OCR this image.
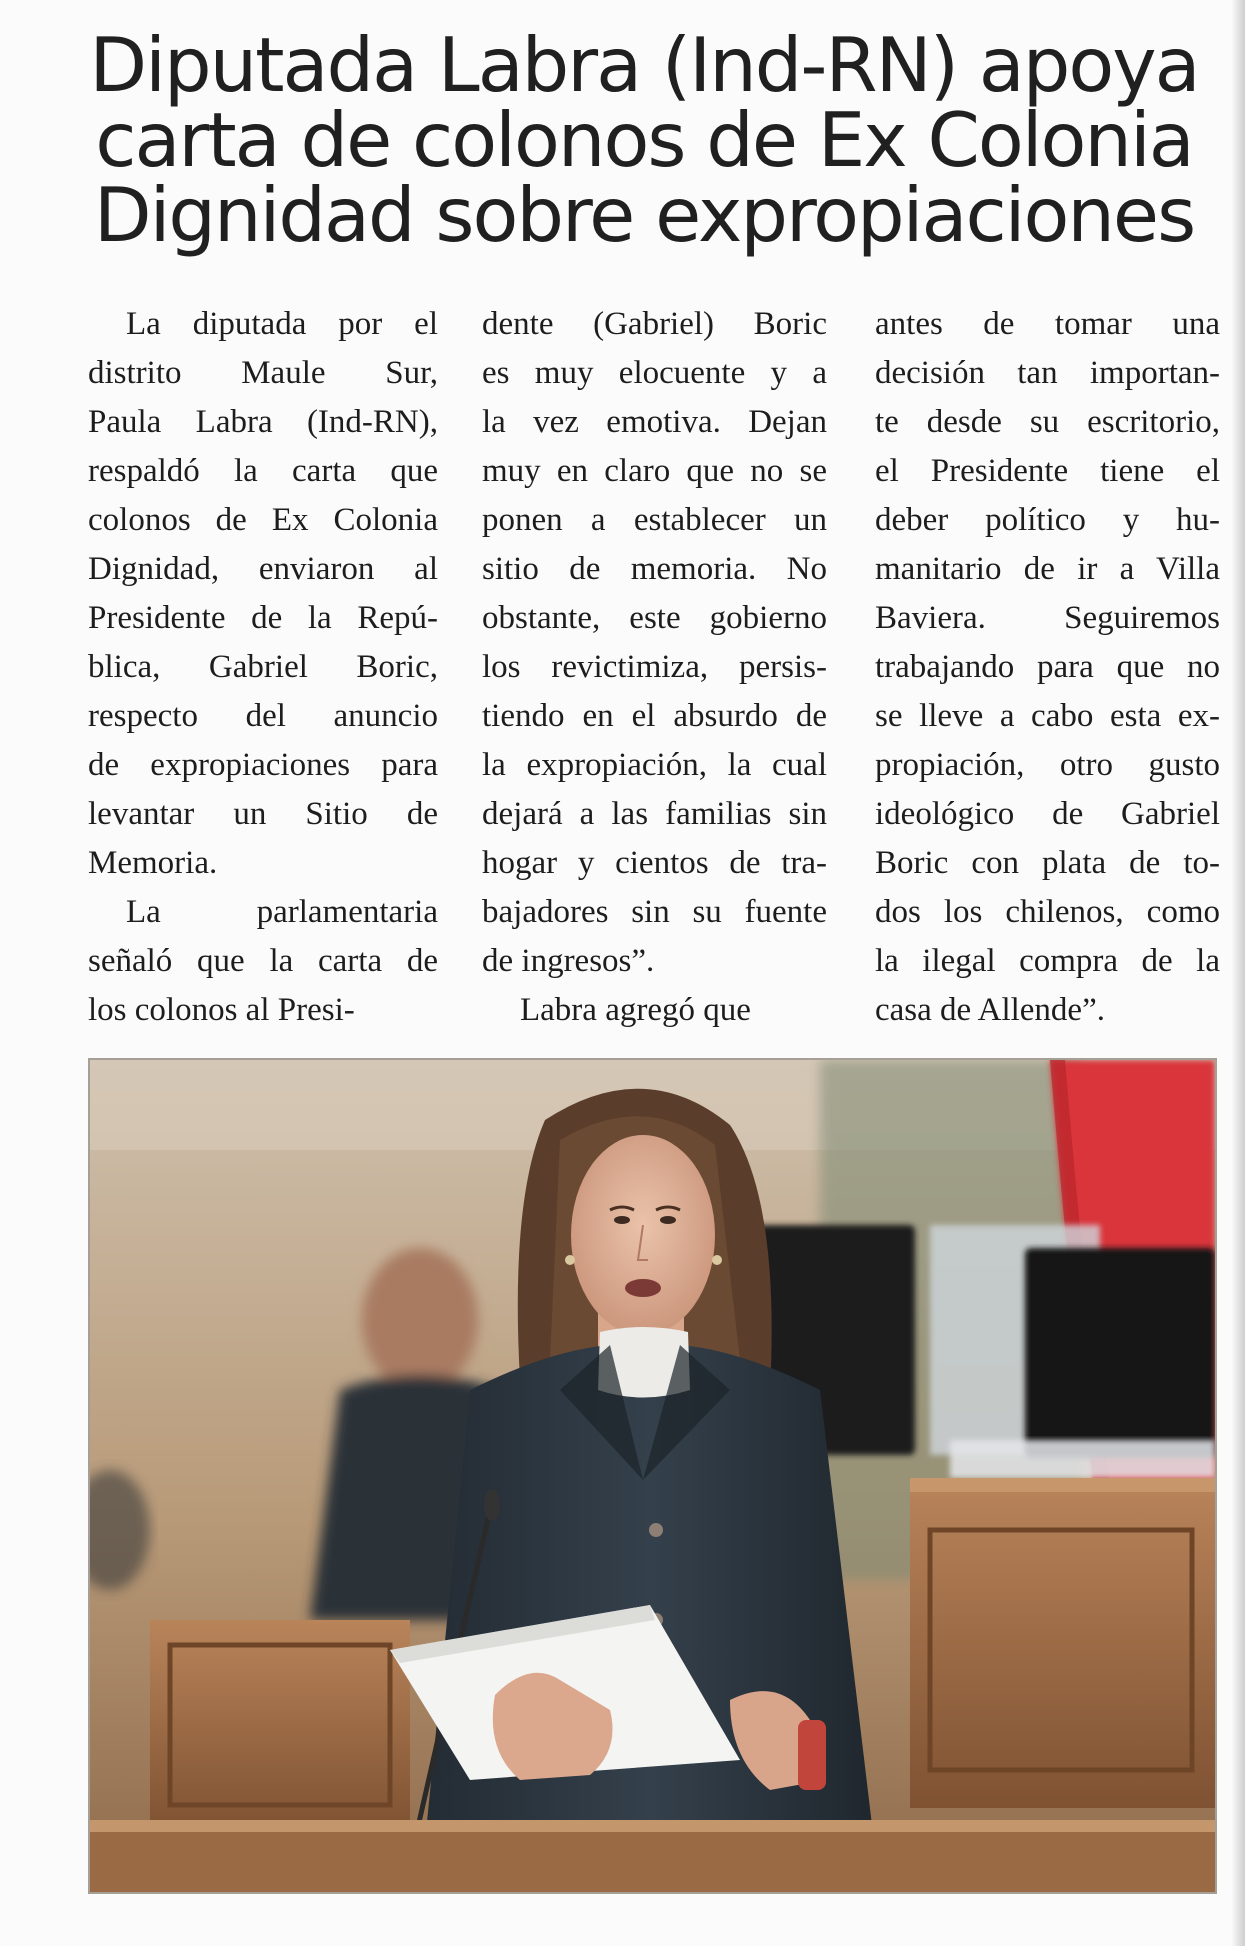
Diputada Labra (Ind-RN) apoya
carta de colonos de Ex Colonia
Dignidad sobre expropiaciones

La diputada por el

distrito Maule Sur,

Paula Labra (Ind-RN),

respaldó la carta que

colonos de Ex Colonia

Dignidad, enviaron al

Presidente de la Repú-

blica, Gabriel Boric,

respecto del anuncio

de expropiaciones para

levantar un Sitio de

Memoria.

La parlamentaria

señaló que la carta de

los colonos al Presi-

dente (Gabriel) Boric

es muy elocuente y a

la vez emotiva. Dejan

muy en claro que no se

ponen a establecer un

sitio de memoria. No

obstante, este gobierno

los revictimiza, persis-

tiendo en el absurdo de

la expropiación, la cual

dejará a las familias sin

hogar y cientos de tra-

bajadores sin su fuente

de ingresos”.

Labra agregó que

antes de tomar una

decisión tan importan-

te desde su escritorio,

el Presidente tiene el

deber político y hu-

manitario de ir a Villa

Baviera. Seguiremos

trabajando para que no

se lleve a cabo esta ex-

propiación, otro gusto

ideológico de Gabriel

Boric con plata de to-

dos los chilenos, como

la ilegal compra de la

casa de Allende”.
